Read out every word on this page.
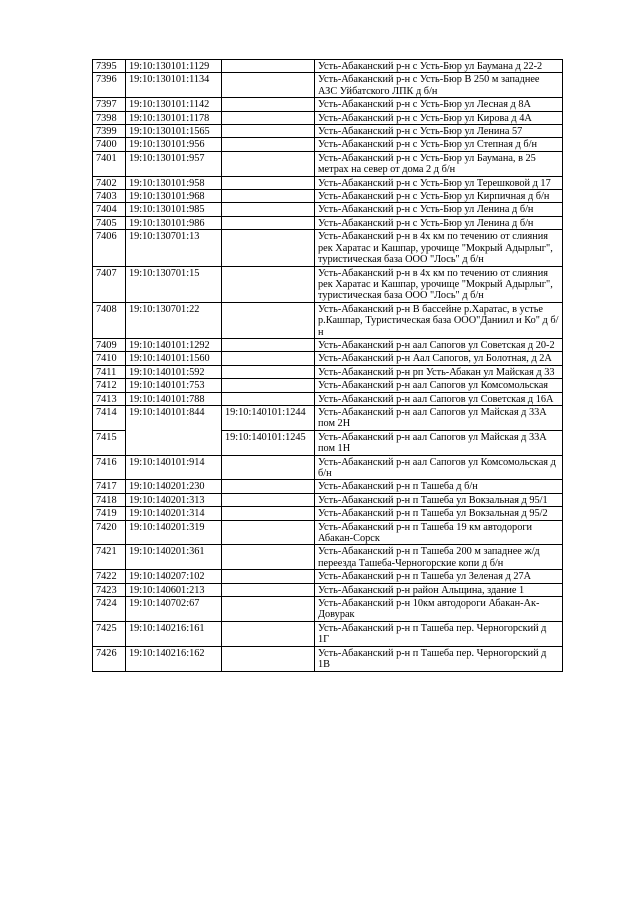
7395	19:10:130101:1129		Усть-Абаканский р-н с Усть-Бюр ул Баумана д 22-2
7396	19:10:130101:1134		Усть-Абаканский р-н с Усть-Бюр В 250 м западнее АЗС Уйбатского ЛПК д б/н
7397	19:10:130101:1142		Усть-Абаканский р-н с Усть-Бюр ул Лесная д 8А
7398	19:10:130101:1178		Усть-Абаканский р-н с Усть-Бюр ул Кирова д 4А
7399	19:10:130101:1565		Усть-Абаканский р-н с Усть-Бюр ул Ленина 57
7400	19:10:130101:956		Усть-Абаканский р-н с Усть-Бюр ул Степная д б/н
7401	19:10:130101:957		Усть-Абаканский р-н с Усть-Бюр ул Баумана, в 25 метрах на север от дома 2 д б/н
7402	19:10:130101:958		Усть-Абаканский р-н с Усть-Бюр ул Терешковой д 17
7403	19:10:130101:968		Усть-Абаканский р-н с Усть-Бюр ул Кирпичная д б/н
7404	19:10:130101:985		Усть-Абаканский р-н с Усть-Бюр ул Ленина д б/н
7405	19:10:130101:986		Усть-Абаканский р-н с Усть-Бюр ул Ленина д б/н
7406	19:10:130701:13		Усть-Абаканский р-н в 4х км по течению от слияния рек Харатас и Кашпар, урочище "Мокрый Адырлыг", туристическая база ООО "Лось" д б/н
7407	19:10:130701:15		Усть-Абаканский р-н в 4х км по течению от слияния рек Харатас и Кашпар, урочище "Мокрый Адырлыг", туристическая база ООО "Лось" д б/н
7408	19:10:130701:22		Усть-Абаканский р-н В бассейне р.Харатас, в устье р.Кашпар, Туристическая база ООО"Даниил и Ко" д б/н
7409	19:10:140101:1292		Усть-Абаканский р-н аал Сапогов ул Советская д 20-2
7410	19:10:140101:1560		Усть-Абаканский р-н Аал Сапогов, ул Болотная, д 2А
7411	19:10:140101:592		Усть-Абаканский р-н рп Усть-Абакан ул Майская д 33
7412	19:10:140101:753		Усть-Абаканский р-н аал Сапогов ул Комсомольская
7413	19:10:140101:788		Усть-Абаканский р-н аал Сапогов ул Советская д 16А
7414	19:10:140101:844	19:10:140101:1244	Усть-Абаканский р-н аал Сапогов ул Майская д 33А пом 2Н
7415		19:10:140101:1245	Усть-Абаканский р-н аал Сапогов ул Майская д 33А пом 1Н
7416	19:10:140101:914		Усть-Абаканский р-н аал Сапогов ул Комсомольская д б/н
7417	19:10:140201:230		Усть-Абаканский р-н п Ташеба д б/н
7418	19:10:140201:313		Усть-Абаканский р-н п Ташеба ул Вокзальная д 95/1
7419	19:10:140201:314		Усть-Абаканский р-н п Ташеба ул Вокзальная д 95/2
7420	19:10:140201:319		Усть-Абаканский р-н п Ташеба 19 км автодороги Абакан-Сорск
7421	19:10:140201:361		Усть-Абаканский р-н п Ташеба 200 м западнее ж/д переезда Ташеба-Черногорские копи д б/н
7422	19:10:140207:102		Усть-Абаканский р-н п Ташеба ул Зеленая д 27А
7423	19:10:140601:213		Усть-Абаканский р-н район Альщина, здание 1
7424	19:10:140702:67		Усть-Абаканский р-н 10км автодороги Абакан-Ак-Довурак
7425	19:10:140216:161		Усть-Абаканский р-н п Ташеба пер. Черногорский д 1Г
7426	19:10:140216:162		Усть-Абаканский р-н п Ташеба пер. Черногорский д 1В
